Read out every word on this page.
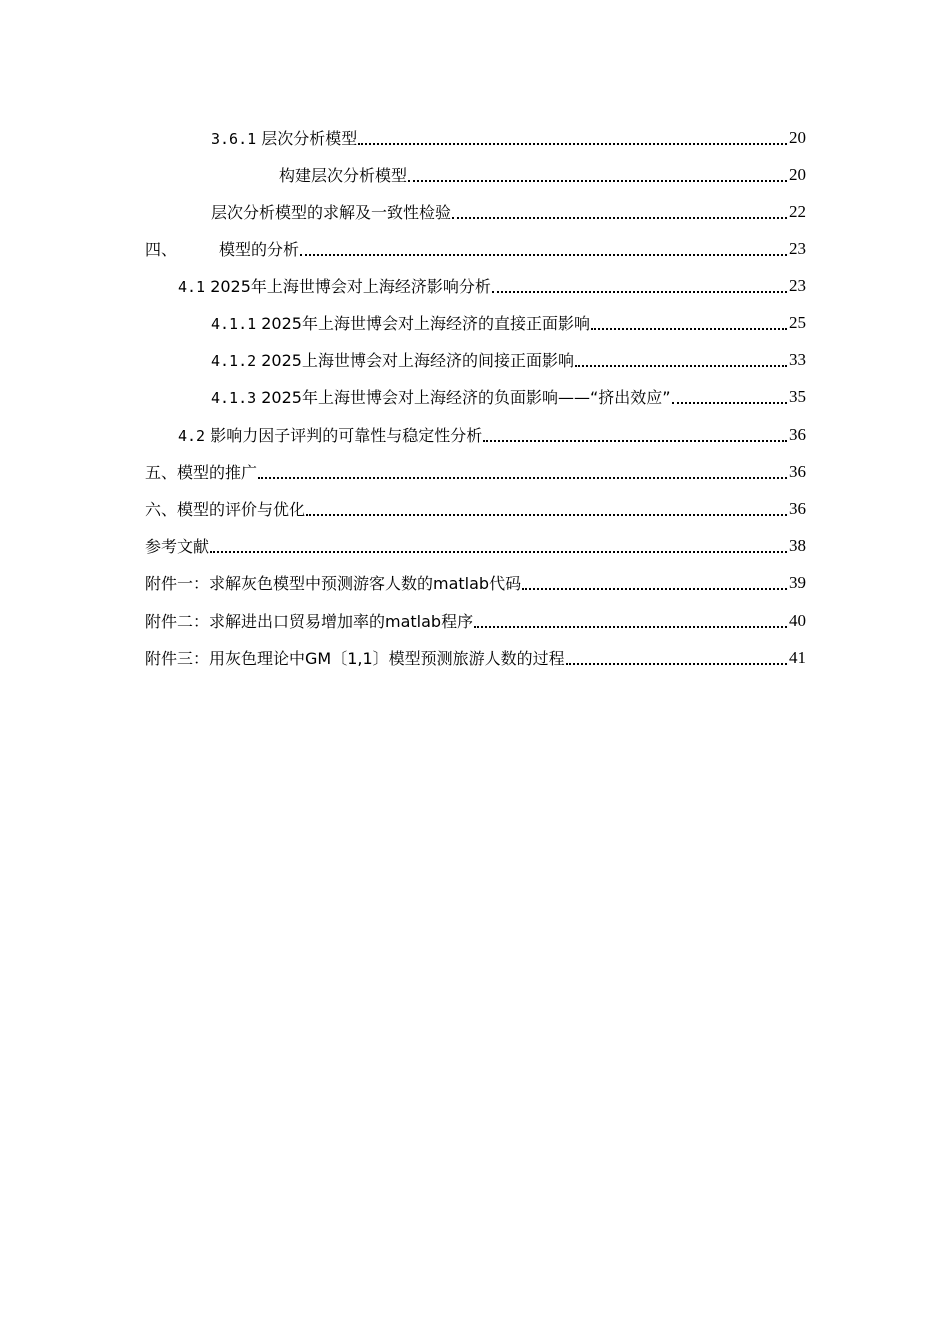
3.6.1 层次分析模型	20
构建层次分析模型	20
层次分析模型的求解及一致性检验	22
四、	模型的分析	23
4.1 2025年上海世博会对上海经济影响分析	23
4.1.1 2025年上海世博会对上海经济的直接正面影响	25
4.1.2 2025上海世博会对上海经济的间接正面影响	33
4.1.3 2025年上海世博会对上海经济的负面影响——“挤出效应”	35
4.2 影响力因子评判的可靠性与稳定性分析	36
五、模型的推广	36
六、模型的评价与优化	36
参考文献	38
附件一：求解灰色模型中预测游客人数的matlab代码	39
附件二：求解进出口贸易增加率的matlab程序	40
附件三：用灰色理论中GM〔1,1〕模型预测旅游人数的过程	41
